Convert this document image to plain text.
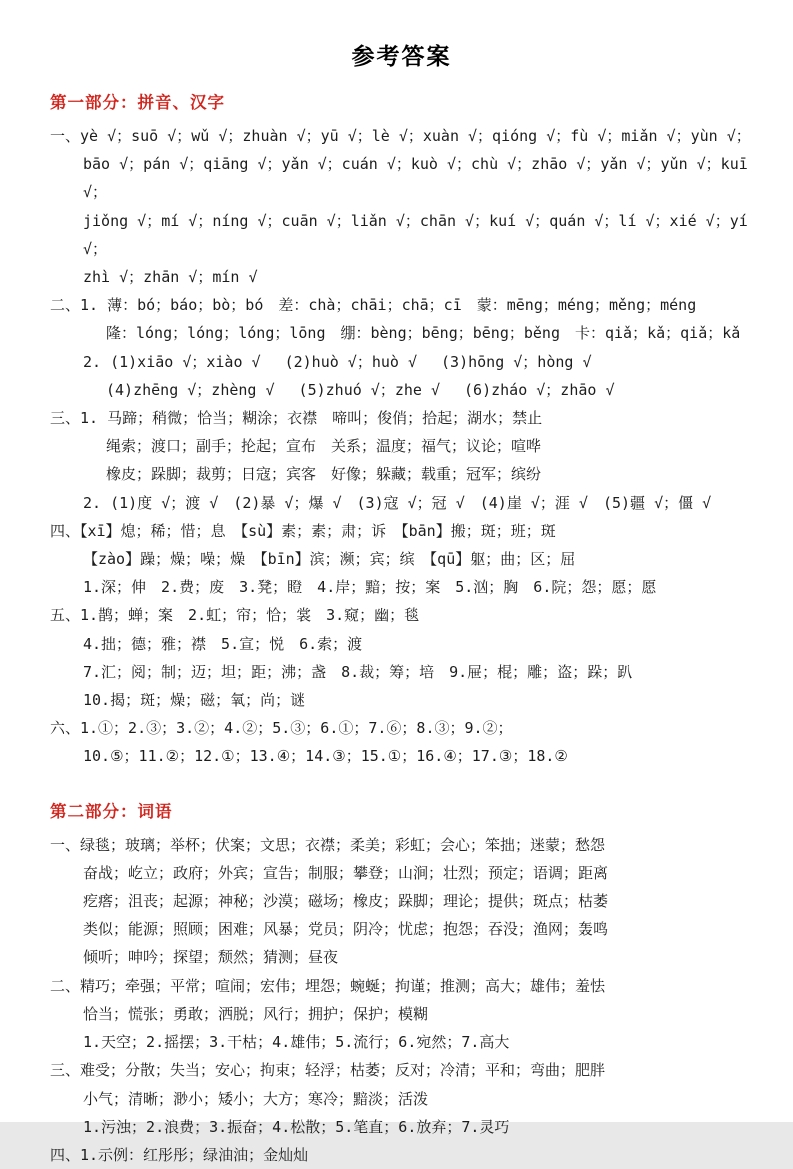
参考答案
第一部分：拼音、汉字
一、yè √；suō √；wǔ √；zhuàn √；yū √；lè √；xuàn √；qióng √；fù √；miǎn √；yùn √；
bāo √；pán √；qiāng √；yǎn √；cuán √；kuò √；chù √；zhāo √；yǎn √；yǔn √；kuī √；
jiǒng √；mí √；níng √；cuān √；liǎn √；chān √；kuí √；quán √；lí √；xié √；yí √；
zhì √；zhān √；mín √
二、1. 薄：bó；báo；bò；bó　差：chà；chāi；chā；cī　蒙：mēng；méng；měng；méng
隆：lóng；lóng；lóng；lōng　绷：bèng；bēng；bēng；běng　卡：qiǎ；kǎ；qiǎ；kǎ
2. (1)xiāo √；xiào √　 (2)huò √；huò √　 (3)hōng √；hòng √
(4)zhēng √；zhèng √　 (5)zhuó √；zhe √　 (6)zháo √；zhāo √
三、1. 马蹄；稍微；恰当；糊涂；衣襟　啼叫；俊俏；拾起；湖水；禁止
绳索；渡口；副手；抡起；宣布　关系；温度；福气；议论；喧哗
橡皮；跺脚；裁剪；日寇；宾客　好像；躲藏；载重；冠军；缤纷
2. (1)度 √；渡 √　(2)暴 √；爆 √　(3)寇 √；冠 √　(4)崖 √；涯 √　(5)疆 √；僵 √
四、【xī】熄；稀；惜；息　【sù】素；素；肃；诉　【bān】搬；斑；班；斑
【zào】躁；燥；噪；燥　【bīn】滨；濒；宾；缤　【qū】躯；曲；区；屈
1.深；伸　2.费；废　3.凳；瞪　4.岸；黯；按；案　5.汹；胸　6.院；怨；愿；愿
五、1.鹊；蝉；案　2.虹；帘；恰；裳　3.窥；幽；毯
4.拙；德；雅；襟　5.宣；悦　6.索；渡
7.汇；阅；制；迈；坦；距；沸；盏　8.裁；筹；培　9.屉；棍；雕；盗；跺；趴
10.揭；斑；燥；磁；氧；尚；谜
六、1.①；2.③；3.②；4.②；5.③；6.①；7.⑥；8.③；9.②；
10.⑤；11.②；12.①；13.④；14.③；15.①；16.④；17.③；18.②
第二部分：词语
一、绿毯；玻璃；举杯；伏案；文思；衣襟；柔美；彩虹；会心；笨拙；迷蒙；愁怨
奋战；屹立；政府；外宾；宣告；制服；攀登；山涧；壮烈；预定；语调；距离
疙瘩；沮丧；起源；神秘；沙漠；磁场；橡皮；跺脚；理论；提供；斑点；枯萎
类似；能源；照顾；困难；风暴；党员；阴冷；忧虑；抱怨；吞没；渔网；轰鸣
倾听；呻吟；探望；颓然；猜测；昼夜
二、精巧；牵强；平常；喧闹；宏伟；埋怨；蜿蜒；拘谨；推测；高大；雄伟；羞怯
恰当；慌张；勇敢；洒脱；风行；拥护；保护；模糊
1.天空；2.摇摆；3.干枯；4.雄伟；5.流行；6.宛然；7.高大
三、难受；分散；失当；安心；拘束；轻浮；枯萎；反对；冷清；平和；弯曲；肥胖
小气；清晰；渺小；矮小；大方；寒冷；黯淡；活泼
1.污浊；2.浪费；3.振奋；4.松散；5.笔直；6.放弃；7.灵巧
四、1.示例：红彤彤；绿油油；金灿灿
